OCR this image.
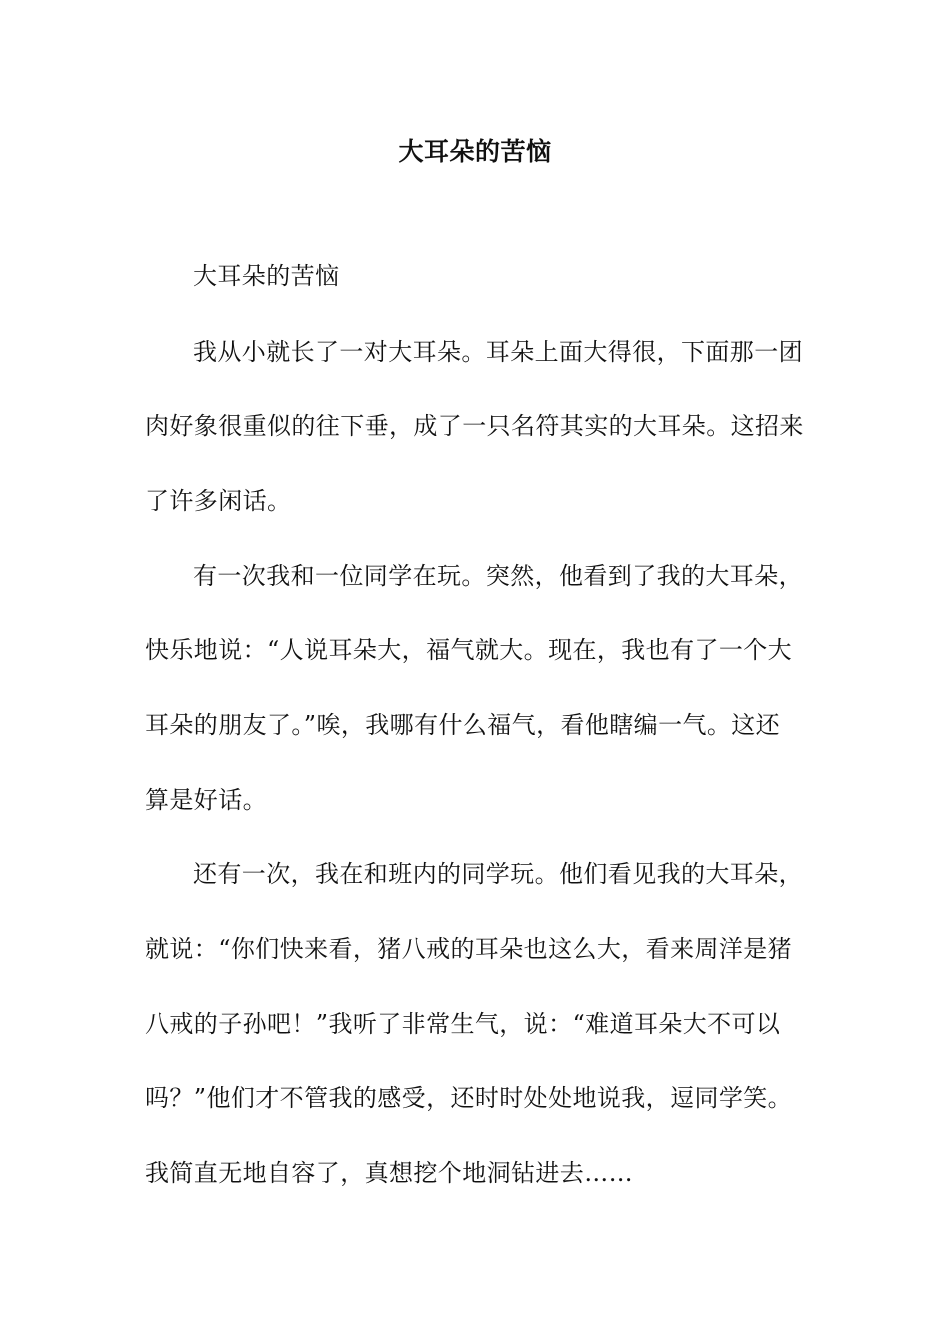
大耳朵的苦恼
大耳朵的苦恼
我从小就长了一对大耳朵。耳朵上面大得很，下面那一团
肉好象很重似的往下垂，成了一只名符其实的大耳朵。这招来
了许多闲话。
有一次我和一位同学在玩。突然，他看到了我的大耳朵，
快乐地说：“人说耳朵大，福气就大。现在，我也有了一个大
耳朵的朋友了。”唉，我哪有什么福气，看他瞎编一气。这还
算是好话。
还有一次，我在和班内的同学玩。他们看见我的大耳朵，
就说：“你们快来看，猪八戒的耳朵也这么大，看来周洋是猪
八戒的子孙吧！”我听了非常生气，说：“难道耳朵大不可以
吗？”他们才不管我的感受，还时时处处地说我，逗同学笑。
我简直无地自容了，真想挖个地洞钻进去……
